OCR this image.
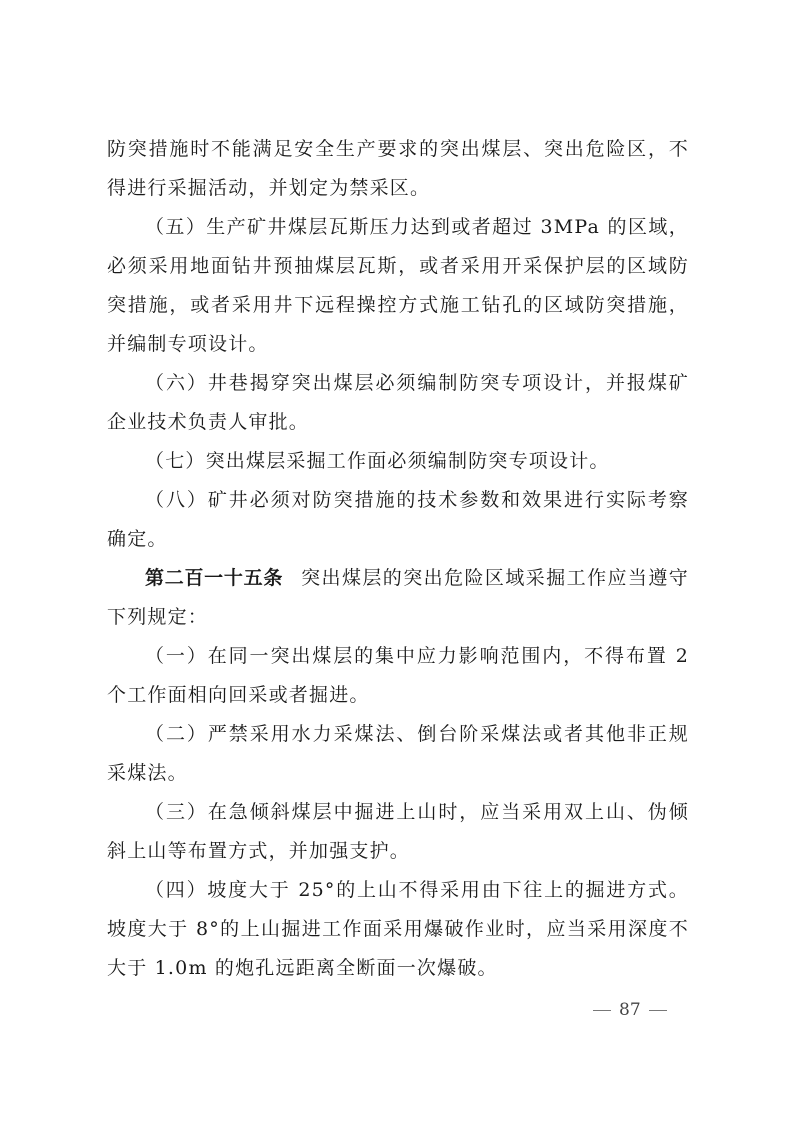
防突措施时不能满足安全生产要求的突出煤层、突出危险区，不得进行采掘活动，并划定为禁采区。

（五）生产矿井煤层瓦斯压力达到或者超过 3MPa 的区域，必须采用地面钻井预抽煤层瓦斯，或者采用开采保护层的区域防突措施，或者采用井下远程操控方式施工钻孔的区域防突措施，并编制专项设计。

（六）井巷揭穿突出煤层必须编制防突专项设计，并报煤矿企业技术负责人审批。

（七）突出煤层采掘工作面必须编制防突专项设计。

（八）矿井必须对防突措施的技术参数和效果进行实际考察确定。

第二百一十五条 突出煤层的突出危险区域采掘工作应当遵守下列规定：

（一）在同一突出煤层的集中应力影响范围内，不得布置 2 个工作面相向回采或者掘进。

（二）严禁采用水力采煤法、倒台阶采煤法或者其他非正规采煤法。

（三）在急倾斜煤层中掘进上山时，应当采用双上山、伪倾斜上山等布置方式，并加强支护。

（四）坡度大于 25°的上山不得采用由下往上的掘进方式。坡度大于 8°的上山掘进工作面采用爆破作业时，应当采用深度不大于 1.0m 的炮孔远距离全断面一次爆破。

87
